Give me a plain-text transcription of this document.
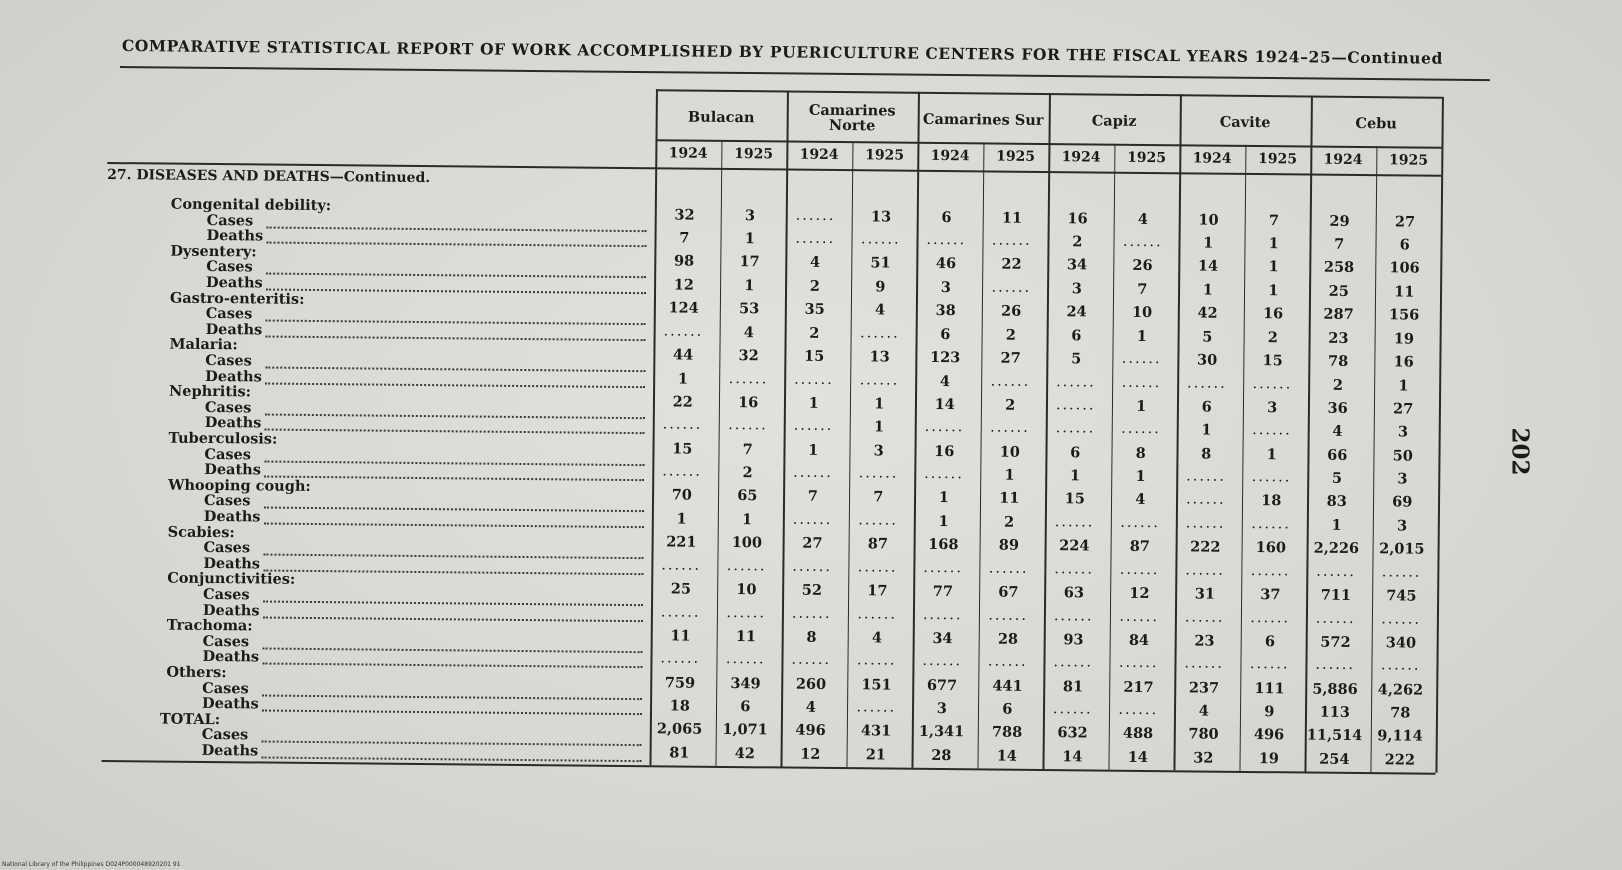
COMPARATIVE STATISTICAL REPORT OF WORK ACCOMPLISHED BY PUERICULTURE CENTERS FOR THE FISCAL YEARS 1924–25—Continued
27. DISEASES AND DEATHS—Continued.
Bulacan	Camarines Norte	Camarines Sur	Capiz	Cavite	Cebu
1924	1925	1924	1925	1924	1925	1924	1925	1924	1925	1924	1925
Congenital debility:
Cases	32	3	......	13	6	11	16	4	10	7	29	27
Deaths	7	1	......	......	......	......	2	......	1	1	7	6
Dysentery:
Cases	98	17	4	51	46	22	34	26	14	1	258	106
Deaths	12	1	2	9	3	......	3	7	1	1	25	11
Gastro-enteritis:
Cases	124	53	35	4	38	26	24	10	42	16	287	156
Deaths	......	4	2	......	6	2	6	1	5	2	23	19
Malaria:
Cases	44	32	15	13	123	27	5	......	30	15	78	16
Deaths	1	......	......	......	4	......	......	......	......	......	2	1
Nephritis:
Cases	22	16	1	1	14	2	......	1	6	3	36	27
Deaths	......	......	......	1	......	......	......	......	1	......	4	3
Tuberculosis:
Cases	15	7	1	3	16	10	6	8	8	1	66	50
Deaths	......	2	......	......	......	1	1	1	......	......	5	3
Whooping cough:
Cases	70	65	7	7	1	11	15	4	......	18	83	69
Deaths	1	1	......	......	1	2	......	......	......	......	1	3
Scabies:
Cases	221	100	27	87	168	89	224	87	222	160	2,226	2,015
Deaths	......	......	......	......	......	......	......	......	......	......	......	......
Conjunctivities:
Cases	25	10	52	17	77	67	63	12	31	37	711	745
Deaths	......	......	......	......	......	......	......	......	......	......	......	......
Trachoma:
Cases	11	11	8	4	34	28	93	84	23	6	572	340
Deaths	......	......	......	......	......	......	......	......	......	......	......	......
Others:
Cases	759	349	260	151	677	441	81	217	237	111	5,886	4,262
Deaths	18	6	4	......	3	6	......	......	4	9	113	78
TOTAL:
Cases	2,065	1,071	496	431	1,341	788	632	488	780	496	11,514	9,114
Deaths	81	42	12	21	28	14	14	14	32	19	254	222
202
National Library of the Philippines D024P000048920201 91
